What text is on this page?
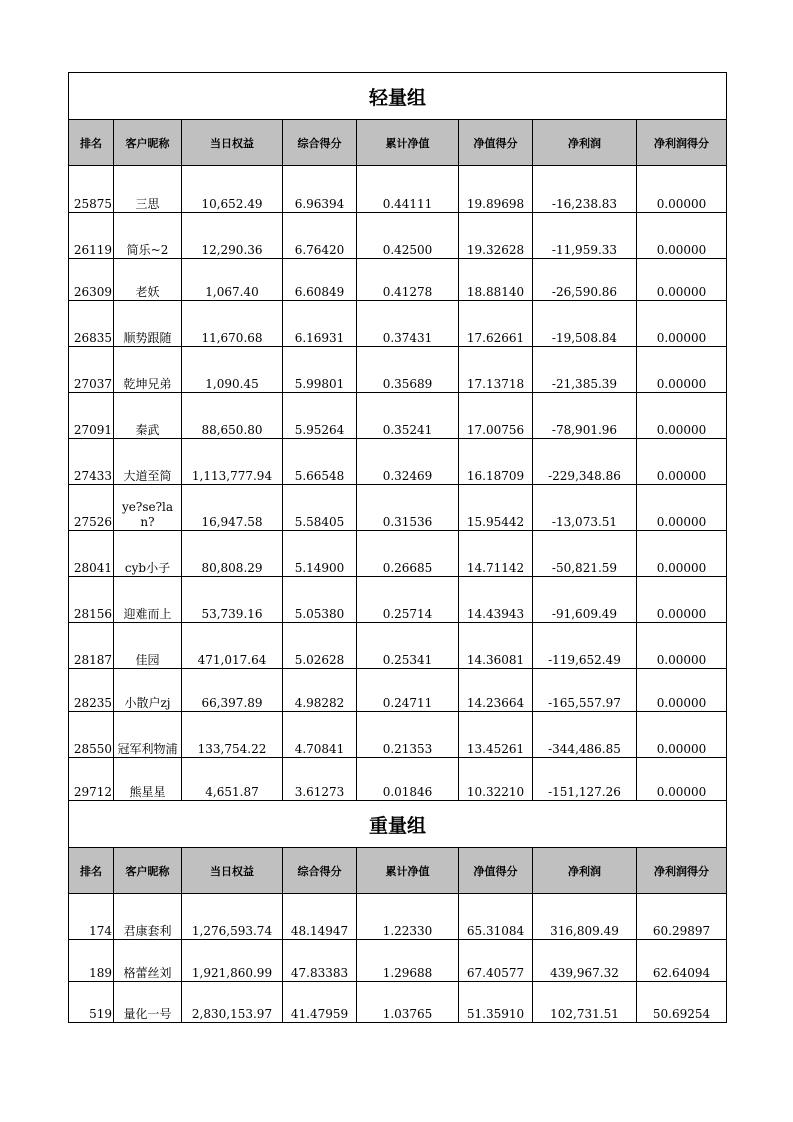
轻量组							
排名	客户昵称	当日权益	综合得分	累计净值	净值得分	净利润	净利润得分
25875	三思	10,652.49	6.96394	0.44111	19.89698	-16,238.83	0.00000
26119	简乐~2	12,290.36	6.76420	0.42500	19.32628	-11,959.33	0.00000
26309	老妖	1,067.40	6.60849	0.41278	18.88140	-26,590.86	0.00000
26835	顺势跟随	11,670.68	6.16931	0.37431	17.62661	-19,508.84	0.00000
27037	乾坤兄弟	1,090.45	5.99801	0.35689	17.13718	-21,385.39	0.00000
27091	秦武	88,650.80	5.95264	0.35241	17.00756	-78,901.96	0.00000
27433	大道至简	1,113,777.94	5.66548	0.32469	16.18709	-229,348.86	0.00000
27526	ye?se?la n?	16,947.58	5.58405	0.31536	15.95442	-13,073.51	0.00000
28041	cyb小子	80,808.29	5.14900	0.26685	14.71142	-50,821.59	0.00000
28156	迎难而上	53,739.16	5.05380	0.25714	14.43943	-91,609.49	0.00000
28187	佳园	471,017.64	5.02628	0.25341	14.36081	-119,652.49	0.00000
28235	小散户zj	66,397.89	4.98282	0.24711	14.23664	-165,557.97	0.00000
28550	冠军利物浦	133,754.22	4.70841	0.21353	13.45261	-344,486.85	0.00000
29712	熊星星	4,651.87	3.61273	0.01846	10.32210	-151,127.26	0.00000
重量组							
排名	客户昵称	当日权益	综合得分	累计净值	净值得分	净利润	净利润得分
174	君康套利	1,276,593.74	48.14947	1.22330	65.31084	316,809.49	60.29897
189	格蕾丝刘	1,921,860.99	47.83383	1.29688	67.40577	439,967.32	62.64094
519	量化一号	2,830,153.97	41.47959	1.03765	51.35910	102,731.51	50.69254
